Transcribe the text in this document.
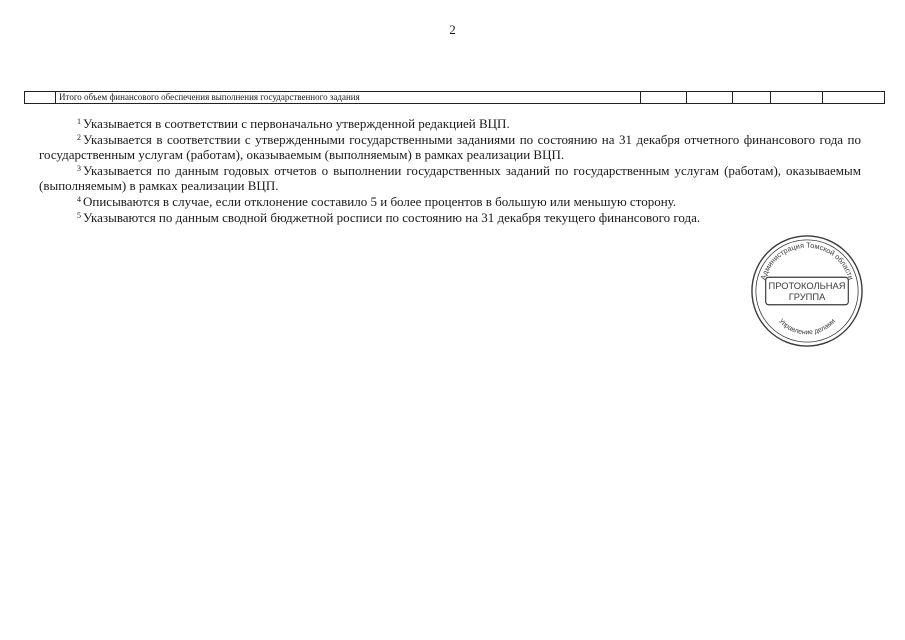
2
	Итого объем финансового обеспечения выполнения государственного задания					

$^1$ Указывается в соответствии с первоначально утвержденной редакцией ВЦП.

$^2$ Указывается в соответствии с утвержденными государственными заданиями по состоянию на 31 декабря отчетного финансового года по государственным услугам (работам), оказываемым (выполняемым) в рамках реализации ВЦП.

$^3$ Указывается по данным годовых отчетов о выполнении государственных заданий по государственным услугам (работам), оказываемым (выполняемым) в рамках реализации ВЦП.

$^4$ Описываются в случае, если отклонение составило 5 и более процентов в большую или меньшую сторону.

$^5$ Указываются по данным сводной бюджетной росписи по состоянию на 31 декабря текущего финансового года.

Администрация Томской области
Управление делами
ПРОТОКОЛЬНАЯ
ГРУППА
